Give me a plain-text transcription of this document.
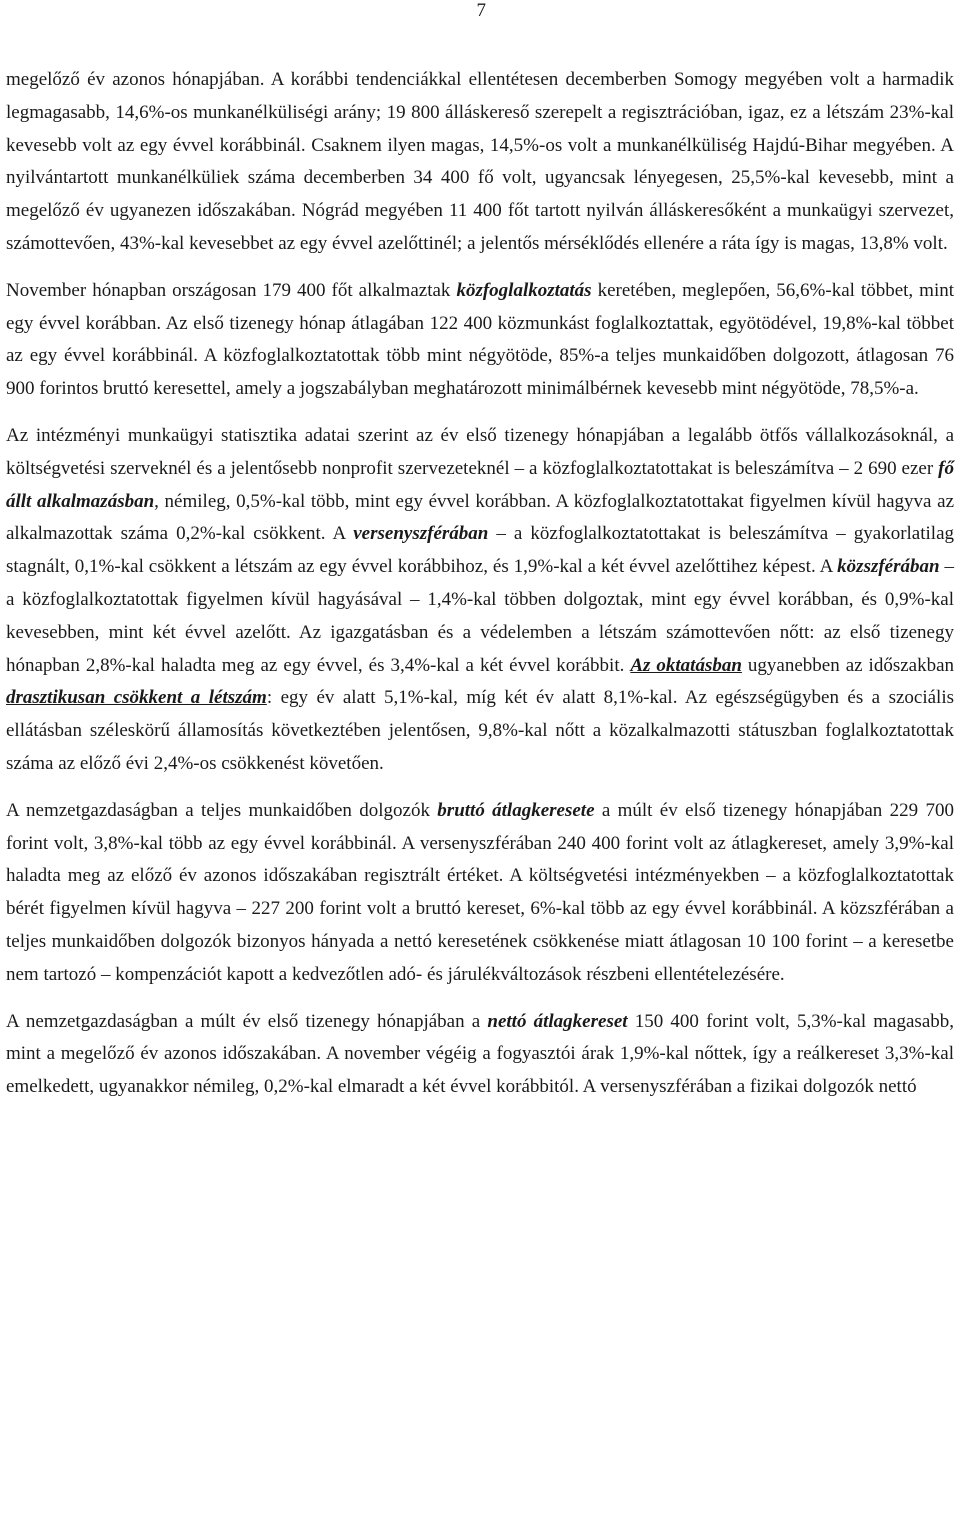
7

megelőző év azonos hónapjában. A korábbi tendenciákkal ellentétesen decemberben Somogy megyében volt a harmadik legmagasabb, 14,6%-os munkanélküliségi arány; 19 800 álláskereső szerepelt a regisztrációban, igaz, ez a létszám 23%-kal kevesebb volt az egy évvel korábbinál. Csaknem ilyen magas, 14,5%-os volt a munkanélküliség Hajdú-Bihar megyében. A nyilvántartott munkanélküliek száma decemberben 34 400 fő volt, ugyancsak lényegesen, 25,5%-kal kevesebb, mint a megelőző év ugyanezen időszakában. Nógrád megyében 11 400 főt tartott nyilván álláskeresőként a munkaügyi szervezet, számottevően, 43%-kal kevesebbet az egy évvel azelőttinél; a jelentős mérséklődés ellenére a ráta így is magas, 13,8% volt.

November hónapban országosan 179 400 főt alkalmaztak közfoglalkoztatás keretében, meglepően, 56,6%-kal többet, mint egy évvel korábban. Az első tizenegy hónap átlagában 122 400 közmunkást foglalkoztattak, egyötödével, 19,8%-kal többet az egy évvel korábbinál. A közfoglalkoztatottak több mint négyötöde, 85%-a teljes munkaidőben dolgozott, átlagosan 76 900 forintos bruttó keresettel, amely a jogszabályban meghatározott minimálbérnek kevesebb mint négyötöde, 78,5%-a.

Az intézményi munkaügyi statisztika adatai szerint az év első tizenegy hónapjában a legalább ötfős vállalkozásoknál, a költségvetési szerveknél és a jelentősebb nonprofit szervezeteknél – a közfoglalkoztatottakat is beleszámítva – 2 690 ezer fő állt alkalmazásban, némileg, 0,5%-kal több, mint egy évvel korábban. A közfoglalkoztatottakat figyelmen kívül hagyva az alkalmazottak száma 0,2%-kal csökkent. A versenyszférában – a közfoglalkoztatottakat is beleszámítva – gyakorlatilag stagnált, 0,1%-kal csökkent a létszám az egy évvel korábbihoz, és 1,9%-kal a két évvel azelőttihez képest. A közszférában – a közfoglalkoztatottak figyelmen kívül hagyásával – 1,4%-kal többen dolgoztak, mint egy évvel korábban, és 0,9%-kal kevesebben, mint két évvel azelőtt. Az igazgatásban és a védelemben a létszám számottevően nőtt: az első tizenegy hónapban 2,8%-kal haladta meg az egy évvel, és 3,4%-kal a két évvel korábbit. Az oktatásban ugyanebben az időszakban drasztikusan csökkent a létszám: egy év alatt 5,1%-kal, míg két év alatt 8,1%-kal. Az egészségügyben és a szociális ellátásban széleskörű államosítás következtében jelentősen, 9,8%-kal nőtt a közalkalmazotti státuszban foglalkoztatottak száma az előző évi 2,4%-os csökkenést követően.

A nemzetgazdaságban a teljes munkaidőben dolgozók bruttó átlagkeresete a múlt év első tizenegy hónapjában 229 700 forint volt, 3,8%-kal több az egy évvel korábbinál. A versenyszférában 240 400 forint volt az átlagkereset, amely 3,9%-kal haladta meg az előző év azonos időszakában regisztrált értéket. A költségvetési intézményekben – a közfoglalkoztatottak bérét figyelmen kívül hagyva – 227 200 forint volt a bruttó kereset, 6%-kal több az egy évvel korábbinál. A közszférában a teljes munkaidőben dolgozók bizonyos hányada a nettó keresetének csökkenése miatt átlagosan 10 100 forint – a keresetbe nem tartozó – kompenzációt kapott a kedvezőtlen adó- és járulékváltozások részbeni ellentételezésére.

A nemzetgazdaságban a múlt év első tizenegy hónapjában a nettó átlagkereset 150 400 forint volt, 5,3%-kal magasabb, mint a megelőző év azonos időszakában. A november végéig a fogyasztói árak 1,9%-kal nőttek, így a reálkereset 3,3%-kal emelkedett, ugyanakkor némileg, 0,2%-kal elmaradt a két évvel korábbitól. A versenyszférában a fizikai dolgozók nettó
